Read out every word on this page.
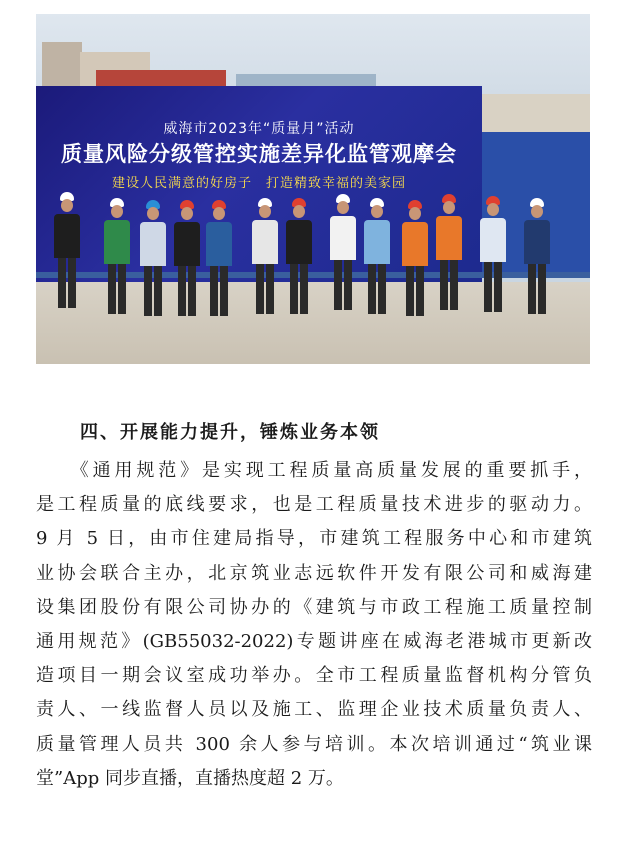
威海市2023年“质量月”活动
质量风险分级管控实施差异化监管观摩会
建设人民满意的好房子　打造精致幸福的美家园
四、开展能力提升，锤炼业务本领
　　《通用规范》是实现工程质量高质量发展的重要抓手，
是工程质量的底线要求，也是工程质量技术进步的驱动力。
9 月 5 日，由市住建局指导，市建筑工程服务中心和市建筑
业协会联合主办，北京筑业志远软件开发有限公司和威海建
设集团股份有限公司协办的《建筑与市政工程施工质量控制
通用规范》(GB55032-2022)专题讲座在威海老港城市更新改
造项目一期会议室成功举办。全市工程质量监督机构分管负
责人、一线监督人员以及施工、监理企业技术质量负责人、
质量管理人员共 300 余人参与培训。本次培训通过“筑业课
堂”App 同步直播，直播热度超 2 万。
